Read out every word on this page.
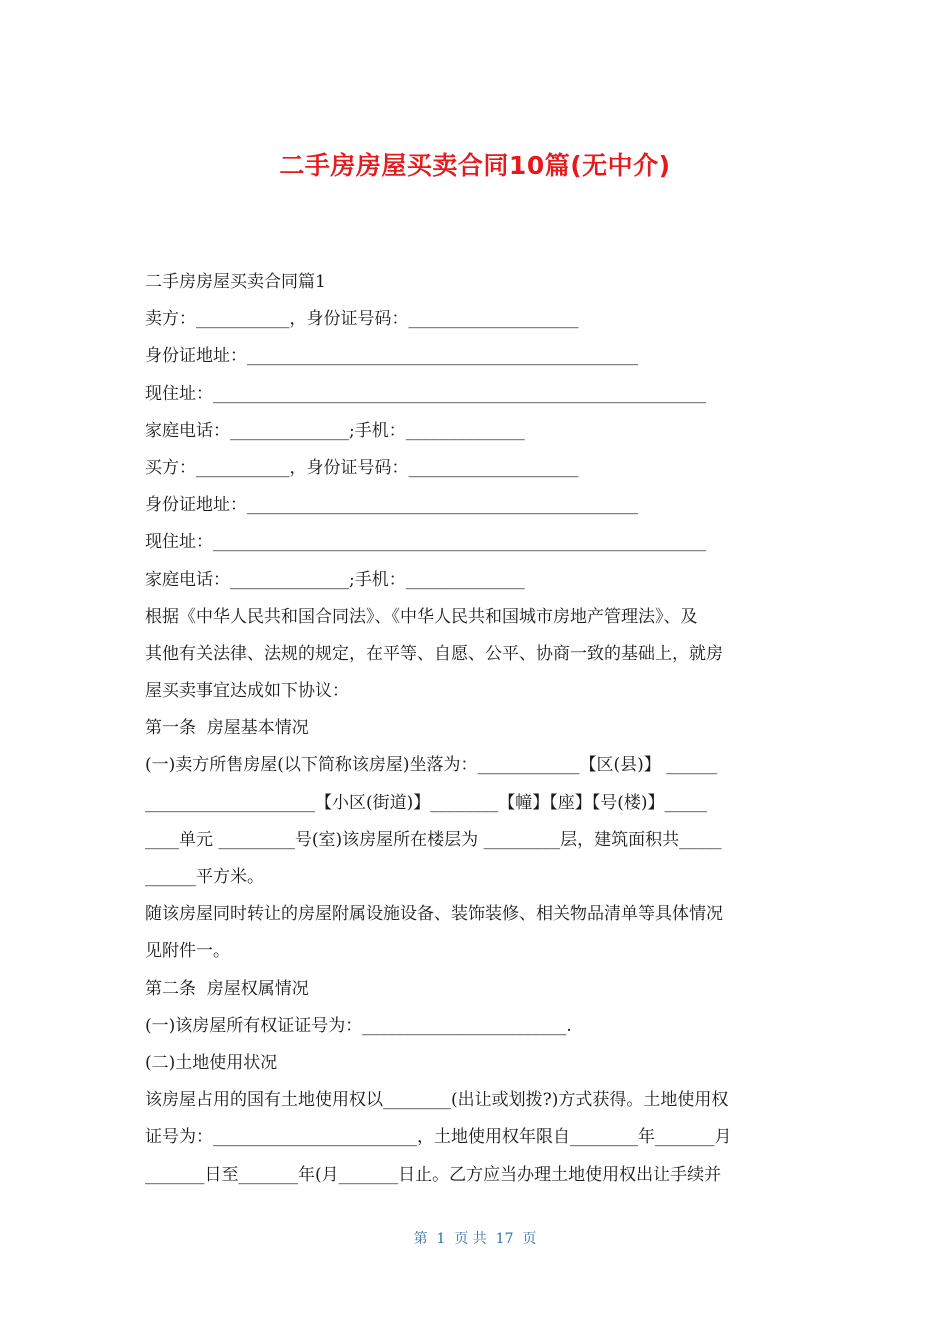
二手房房屋买卖合同10篇(无中介)
二手房房屋买卖合同篇1
卖方：___________，身份证号码：____________________
身份证地址：______________________________________________
现住址：__________________________________________________________
家庭电话：______________;手机：______________
买方：___________，身份证号码：____________________
身份证地址：______________________________________________
现住址：__________________________________________________________
家庭电话：______________;手机：______________
根据《中华人民共和国合同法》、《中华人民共和国城市房地产管理法》、及
其他有关法律、法规的规定，在平等、自愿、公平、协商一致的基础上，就房
屋买卖事宜达成如下协议：
第一条  房屋基本情况
(一)卖方所售房屋(以下简称该房屋)坐落为：____________【区(县)】 ______
____________________【小区(街道)】________【幢】【座】【号(楼)】_____
____单元 _________号(室)该房屋所在楼层为 _________层，建筑面积共_____
______平方米。
随该房屋同时转让的房屋附属设施设备、装饰装修、相关物品清单等具体情况
见附件一。
第二条  房屋权属情况
(一)该房屋所有权证证号为：________________________.
(二)土地使用状况
该房屋占用的国有土地使用权以________(出让或划拨?)方式获得。土地使用权
证号为：________________________，土地使用权年限自________年_______月
_______日至_______年(月_______日止。乙方应当办理土地使用权出让手续并
第  1  页 共  17  页
